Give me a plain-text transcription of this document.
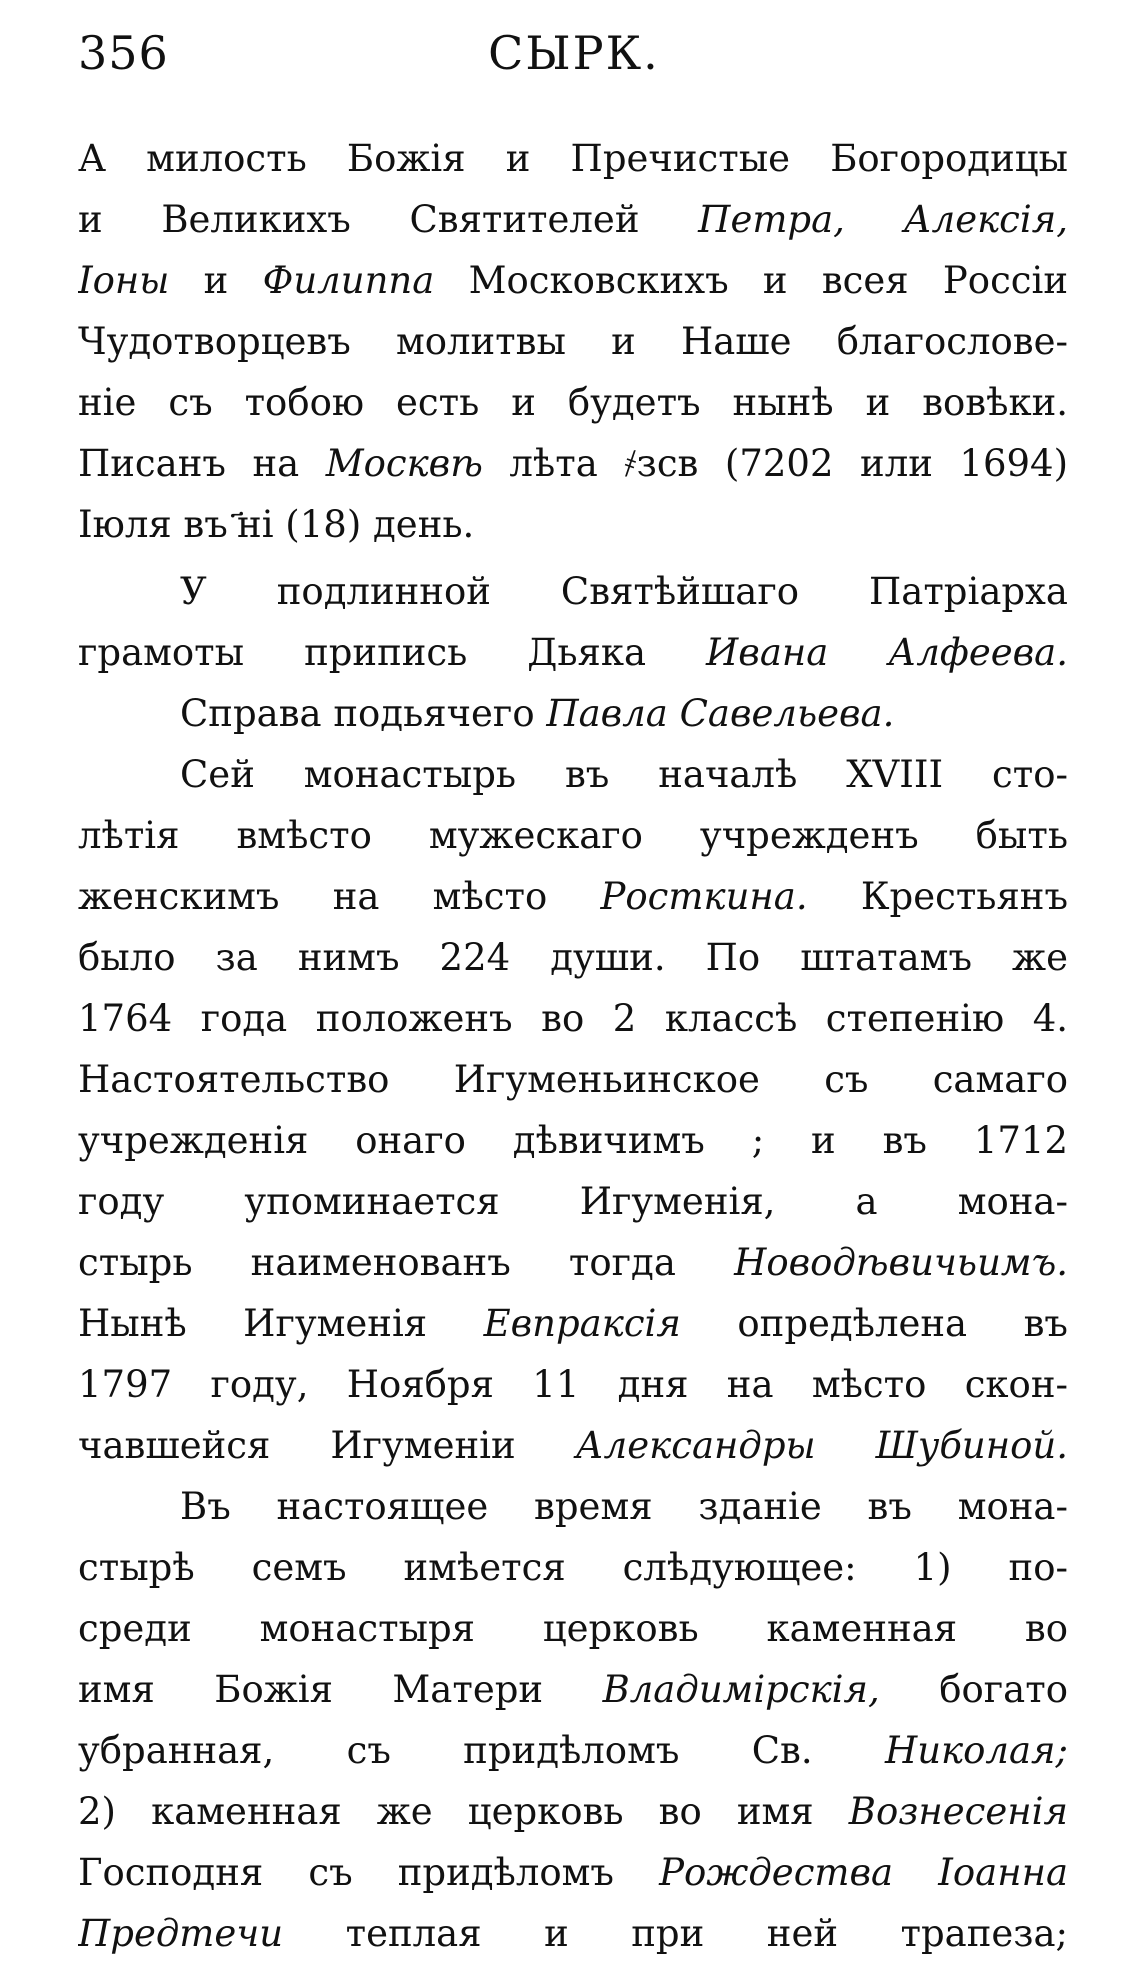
356	СЫРК.
А милость Божія и Пречистые Богородицы
и Великихъ Святителей Петра, Алексія,
Іоны и Филиппа Московскихъ и всея Россіи
Чудотворцевъ молитвы и Наше благослове-
ніе съ тобою есть и будетъ нынѣ и вовѣки.
Писанъ на Москвѣ лѣта ҂зсв (7202 или 1694)
Іюля въ ҃ні (18) день.
У подлинной Святѣйшаго Патріарха
грамоты припись Дьяка Ивана Алфеева.
Справа подьячего Павла Савельева.
Сей монастырь въ началѣ XVIII сто-
лѣтія вмѣсто мужескаго учрежденъ быть
женскимъ на мѣсто Росткина. Крестьянъ
было за нимъ 224 души. По штатамъ же
1764 года положенъ во 2 классѣ степенію 4.
Настоятельство Игуменьинское съ самаго
учрежденія онаго дѣвичимъ ; и въ 1712
году упоминается Игуменія, а мона-
стырь наименованъ тогда Новодѣвичьимъ.
Нынѣ Игуменія Евпраксія опредѣлена въ
1797 году, Ноября 11 дня на мѣсто скон-
чавшейся Игуменіи Александры Шубиной.
Въ настоящее время зданіе въ мона-
стырѣ семъ имѣется слѣдующее: 1) по-
среди монастыря церковь каменная во
имя Божія Матери Владимірскія, богато
убранная, съ придѣломъ Св. Николая;
2) каменная же церковь во имя Вознесенія
Господня съ придѣломъ Рождества Іоанна
Предтечи теплая и при ней трапеза;
